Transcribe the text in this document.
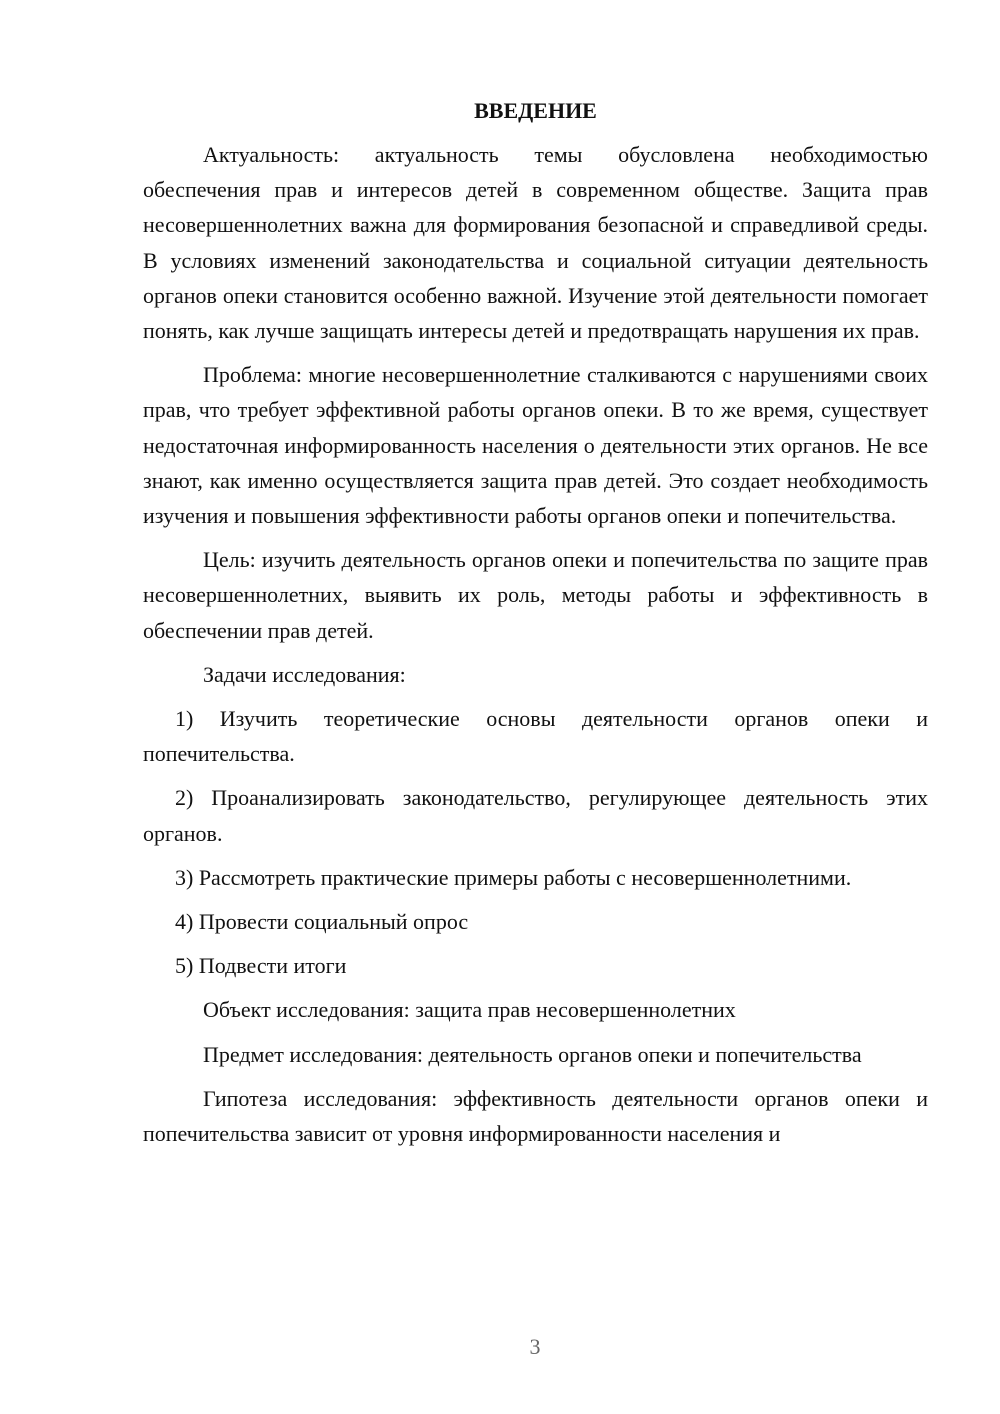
ВВЕДЕНИЕ

Актуальность: актуальность темы обусловлена необходимостью обеспечения прав и интересов детей в современном обществе. Защита прав несовершеннолетних важна для формирования безопасной и справедливой среды. В условиях изменений законодательства и социальной ситуации деятельность органов опеки становится особенно важной. Изучение этой деятельности помогает понять, как лучше защищать интересы детей и предотвращать нарушения их прав.

Проблема: многие несовершеннолетние сталкиваются с нарушениями своих прав, что требует эффективной работы органов опеки. В то же время, существует недостаточная информированность населения о деятельности этих органов. Не все знают, как именно осуществляется защита прав детей. Это создает необходимость изучения и повышения эффективности работы органов опеки и попечительства.

Цель: изучить деятельность органов опеки и попечительства по защите прав несовершеннолетних, выявить их роль, методы работы и эффективность в обеспечении прав детей.

Задачи исследования:

1) Изучить теоретические основы деятельности органов опеки и попечительства.

2) Проанализировать законодательство, регулирующее деятельность этих органов.

3) Рассмотреть практические примеры работы с несовершеннолетними.

4) Провести социальный опрос

5) Подвести итоги

Объект исследования: защита прав несовершеннолетних

Предмет исследования: деятельность органов опеки и попечительства

Гипотеза исследования: эффективность деятельности органов опеки и попечительства зависит от уровня информированности населения и

3
